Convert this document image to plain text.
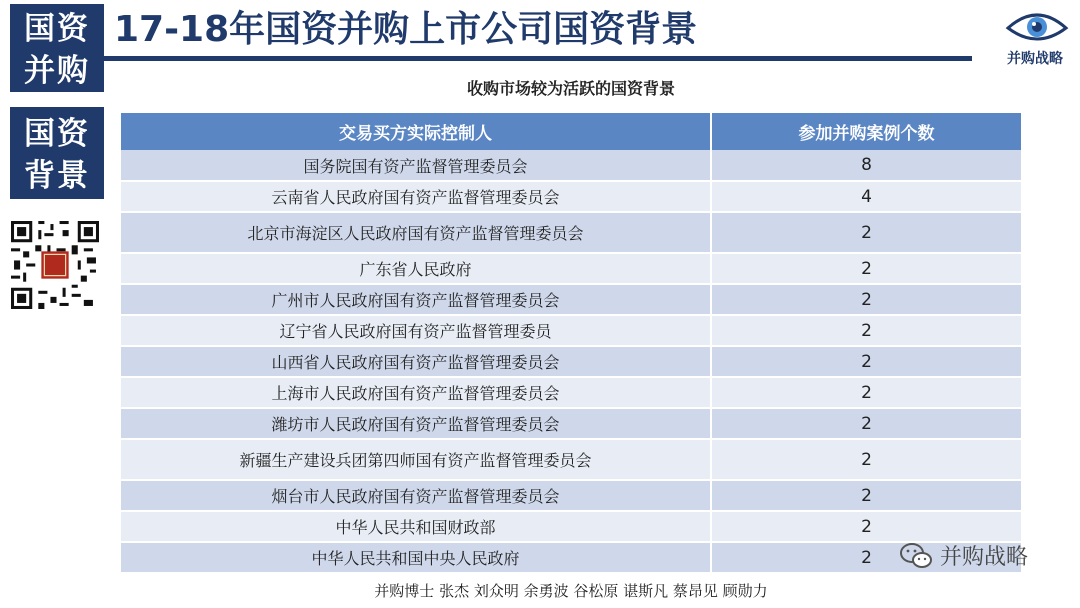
国资
并购
国资
背景
17-18年国资并购上市公司国资背景
并购战略
收购市场较为活跃的国资背景
交易买方实际控制人	参加并购案例个数
国务院国有资产监督管理委员会	8
云南省人民政府国有资产监督管理委员会	4
北京市海淀区人民政府国有资产监督管理委员会	2
广东省人民政府	2
广州市人民政府国有资产监督管理委员会	2
辽宁省人民政府国有资产监督管理委员	2
山西省人民政府国有资产监督管理委员会	2
上海市人民政府国有资产监督管理委员会	2
潍坊市人民政府国有资产监督管理委员会	2
新疆生产建设兵团第四师国有资产监督管理委员会	2
烟台市人民政府国有资产监督管理委员会	2
中华人民共和国财政部	2
中华人民共和国中央人民政府	2
并购博士 张杰 刘众明 余勇波 谷松原 谌斯凡 蔡昂见 顾勋力
并购战略
